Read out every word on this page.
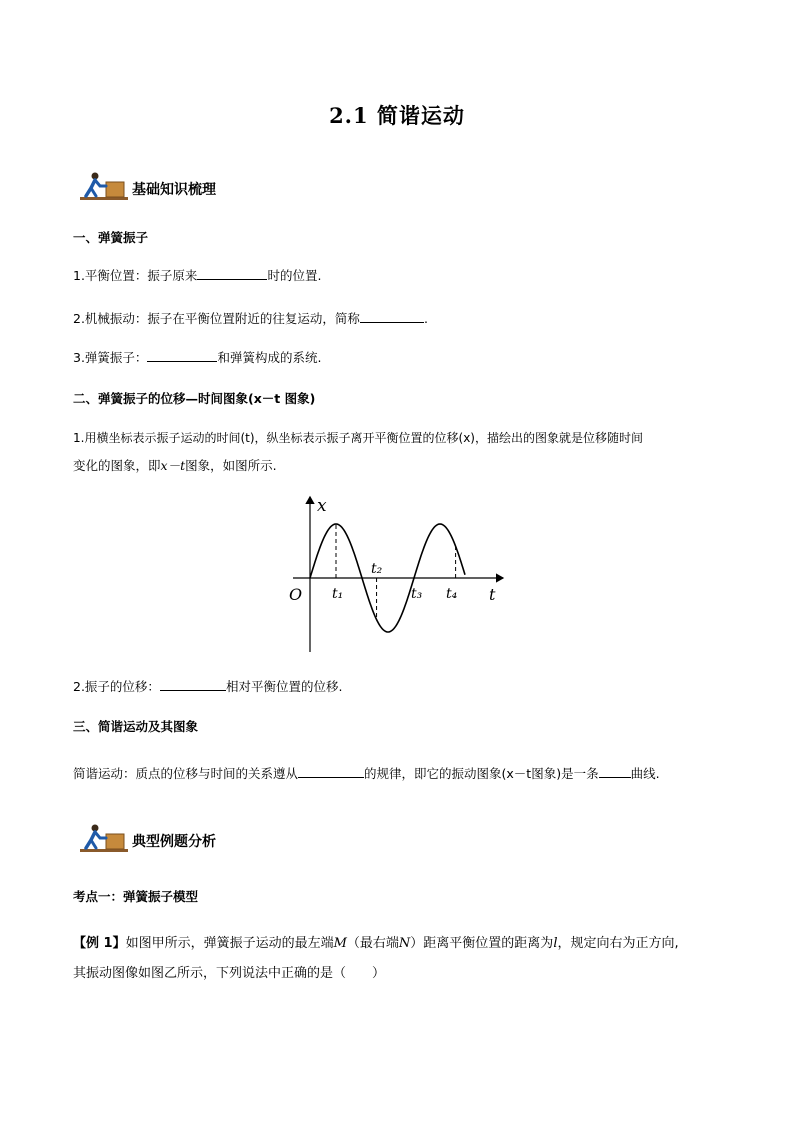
2.1 简谐运动
基础知识梳理
一、弹簧振子
1.平衡位置：振子原来	时的位置.
2.机械振动：振子在平衡位置附近的往复运动，简称	.
3.弹簧振子：	和弹簧构成的系统.
二、弹簧振子的位移—时间图象(x－t 图象)
1.用横坐标表示振子运动的时间(t)，纵坐标表示振子离开平衡位置的位移(x)，描绘出的图象就是位移随时间
变化的图象，即x－t图象，如图所示.
x
t
O t₁
t₂
t₃ t₄
2.振子的位移：	相对平衡位置的位移.
三、简谐运动及其图象
简谐运动：质点的位移与时间的关系遵从	的规律，即它的振动图象(x－t图象)是一条	曲线.
典型例题分析
考点一：弹簧振子模型
【例 1】如图甲所示，弹簧振子运动的最左端M（最右端N）距离平衡位置的距离为l，规定向右为正方向,
其振动图像如图乙所示，下列说法中正确的是（　　）
